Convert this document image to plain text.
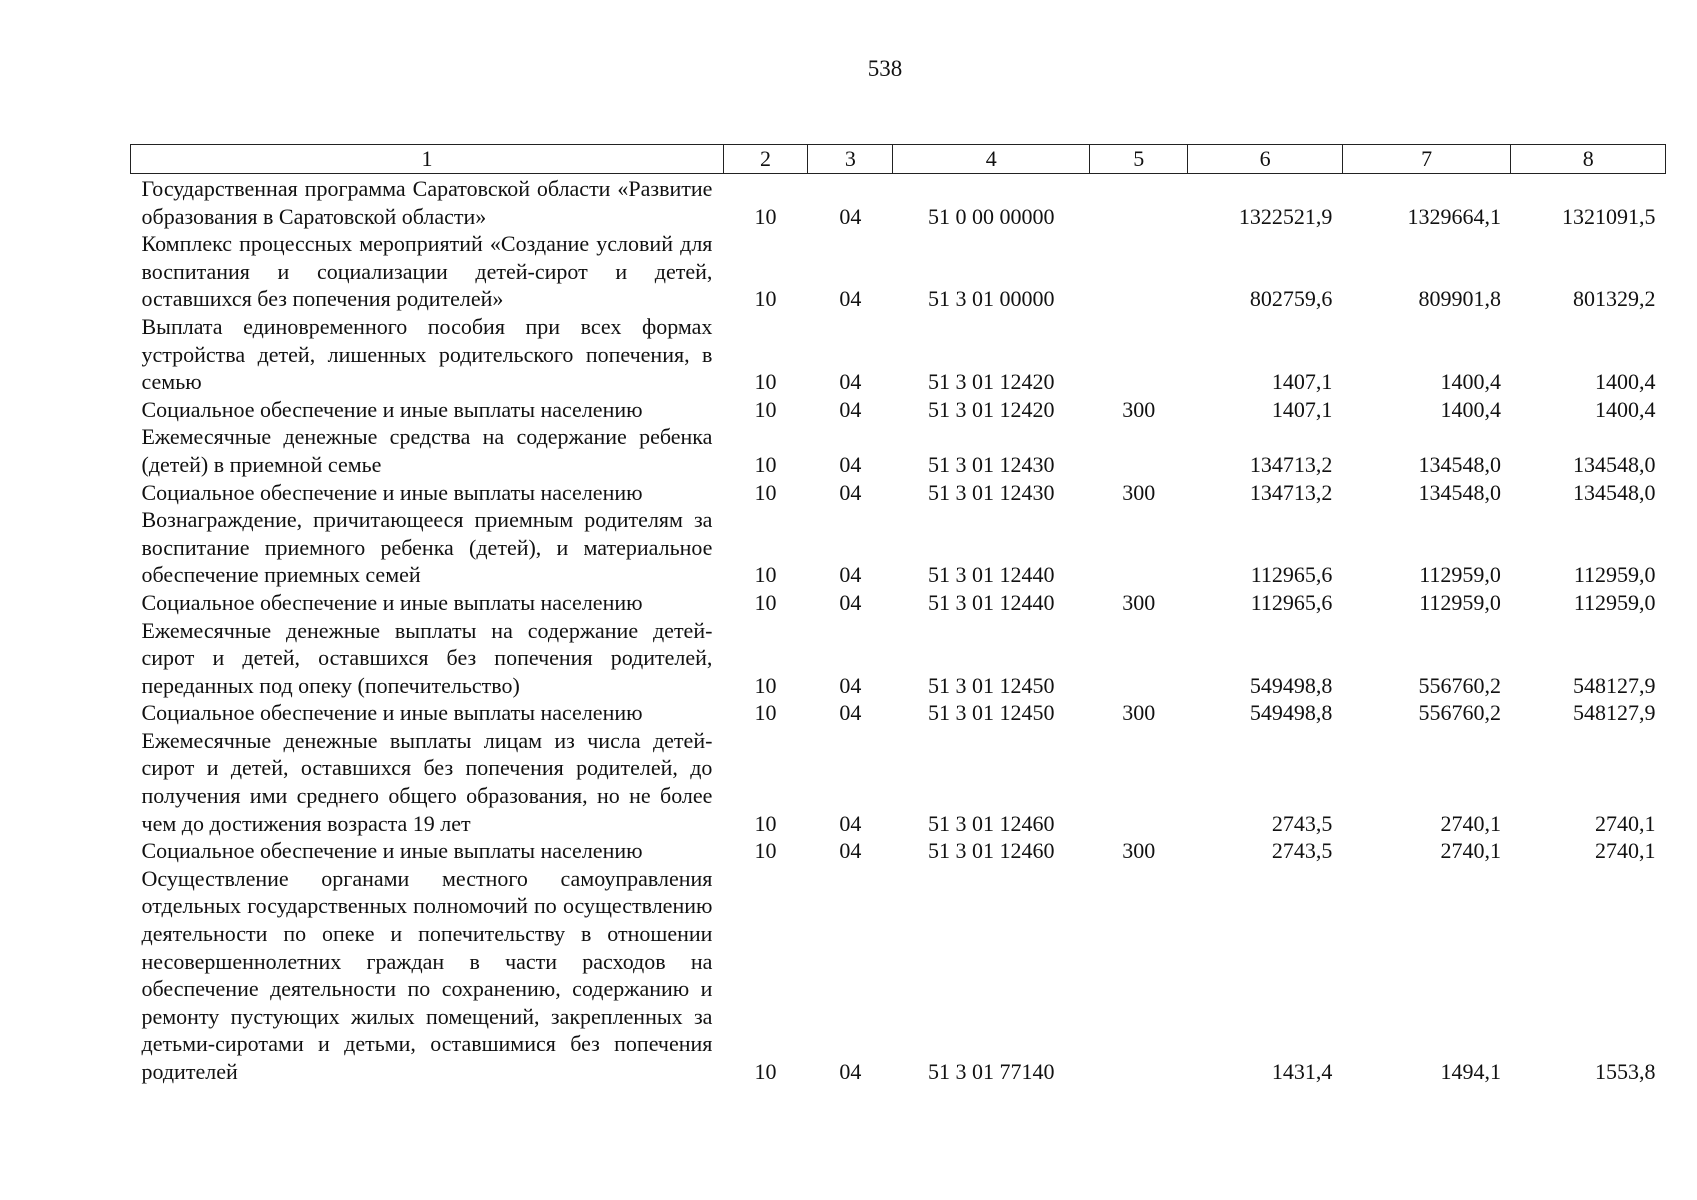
538
1	2	3	4	5	6	7	8
Государственная программа Саратовской области «Развитие образования в Саратовской области»	10	04	51 0 00 00000		1322521,9	1329664,1	1321091,5
Комплекс процессных мероприятий «Создание условий для воспитания и социализации детей-сирот и детей, оставшихся без попечения родителей»	10	04	51 3 01 00000		802759,6	809901,8	801329,2
Выплата единовременного пособия при всех формах устройства детей, лишенных родительского попечения, в семью	10	04	51 3 01 12420		1407,1	1400,4	1400,4
Социальное обеспечение и иные выплаты населению	10	04	51 3 01 12420	300	1407,1	1400,4	1400,4
Ежемесячные денежные средства на содержание ребенка (детей) в приемной семье	10	04	51 3 01 12430		134713,2	134548,0	134548,0
Социальное обеспечение и иные выплаты населению	10	04	51 3 01 12430	300	134713,2	134548,0	134548,0
Вознаграждение, причитающееся приемным родителям за воспитание приемного ребенка (детей), и материальное обеспечение приемных семей	10	04	51 3 01 12440		112965,6	112959,0	112959,0
Социальное обеспечение и иные выплаты населению	10	04	51 3 01 12440	300	112965,6	112959,0	112959,0
Ежемесячные денежные выплаты на содержание детей-сирот и детей, оставшихся без попечения родителей, переданных под опеку (попечительство)	10	04	51 3 01 12450		549498,8	556760,2	548127,9
Социальное обеспечение и иные выплаты населению	10	04	51 3 01 12450	300	549498,8	556760,2	548127,9
Ежемесячные денежные выплаты лицам из числа детей-сирот и детей, оставшихся без попечения родителей, до получения ими среднего общего образования, но не более чем до достижения возраста 19 лет	10	04	51 3 01 12460		2743,5	2740,1	2740,1
Социальное обеспечение и иные выплаты населению	10	04	51 3 01 12460	300	2743,5	2740,1	2740,1
Осуществление органами местного самоуправления отдельных государственных полномочий по осуществлению деятельности по опеке и попечительству в отношении несовершеннолетних граждан в части расходов на обеспечение деятельности по сохранению, содержанию и ремонту пустующих жилых помещений, закрепленных за детьми-сиротами и детьми, оставшимися без попечения родителей	10	04	51 3 01 77140		1431,4	1494,1	1553,8
